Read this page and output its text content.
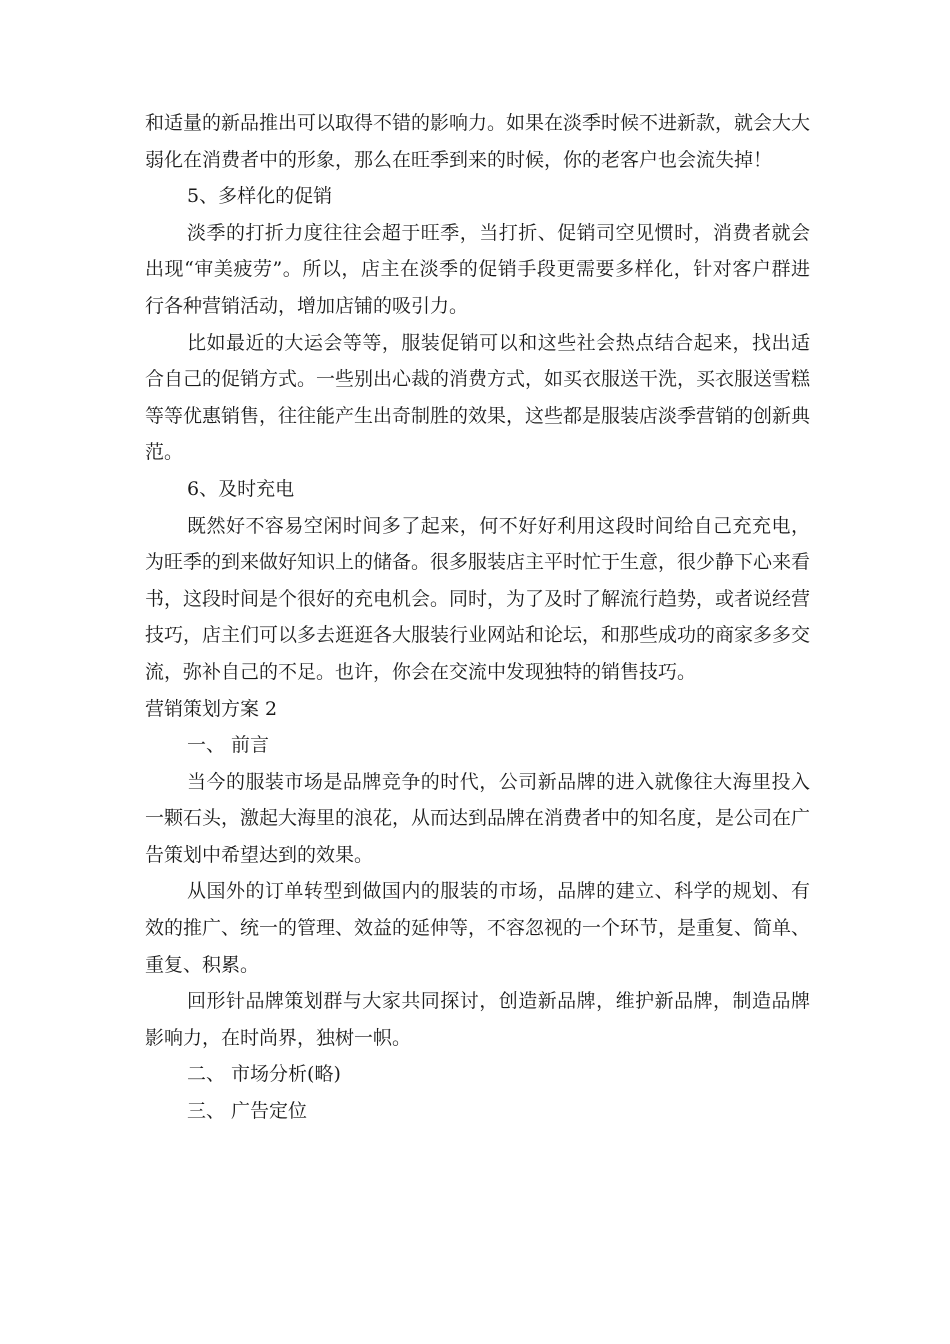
和适量的新品推出可以取得不错的影响力。如果在淡季时候不进新款，就会大大弱化在消费者中的形象，那么在旺季到来的时候，你的老客户也会流失掉！

5、多样化的促销

淡季的打折力度往往会超于旺季，当打折、促销司空见惯时，消费者就会出现“审美疲劳”。所以，店主在淡季的促销手段更需要多样化，针对客户群进行各种营销活动，增加店铺的吸引力。

比如最近的大运会等等，服装促销可以和这些社会热点结合起来，找出适合自己的促销方式。一些别出心裁的消费方式，如买衣服送干洗，买衣服送雪糕等等优惠销售，往往能产生出奇制胜的效果，这些都是服装店淡季营销的创新典范。

6、及时充电

既然好不容易空闲时间多了起来，何不好好利用这段时间给自己充充电，为旺季的到来做好知识上的储备。很多服装店主平时忙于生意，很少静下心来看书，这段时间是个很好的充电机会。同时，为了及时了解流行趋势，或者说经营技巧，店主们可以多去逛逛各大服装行业网站和论坛，和那些成功的商家多多交流，弥补自己的不足。也许，你会在交流中发现独特的销售技巧。

营销策划方案 2

一、 前言

当今的服装市场是品牌竞争的时代，公司新品牌的进入就像往大海里投入一颗石头，激起大海里的浪花，从而达到品牌在消费者中的知名度，是公司在广告策划中希望达到的效果。

从国外的订单转型到做国内的服装的市场，品牌的建立、科学的规划、有效的推广、统一的管理、效益的延伸等，不容忽视的一个环节，是重复、简单、重复、积累。

回形针品牌策划群与大家共同探讨，创造新品牌，维护新品牌，制造品牌影响力，在时尚界，独树一帜。

二、 市场分析(略)

三、 广告定位
